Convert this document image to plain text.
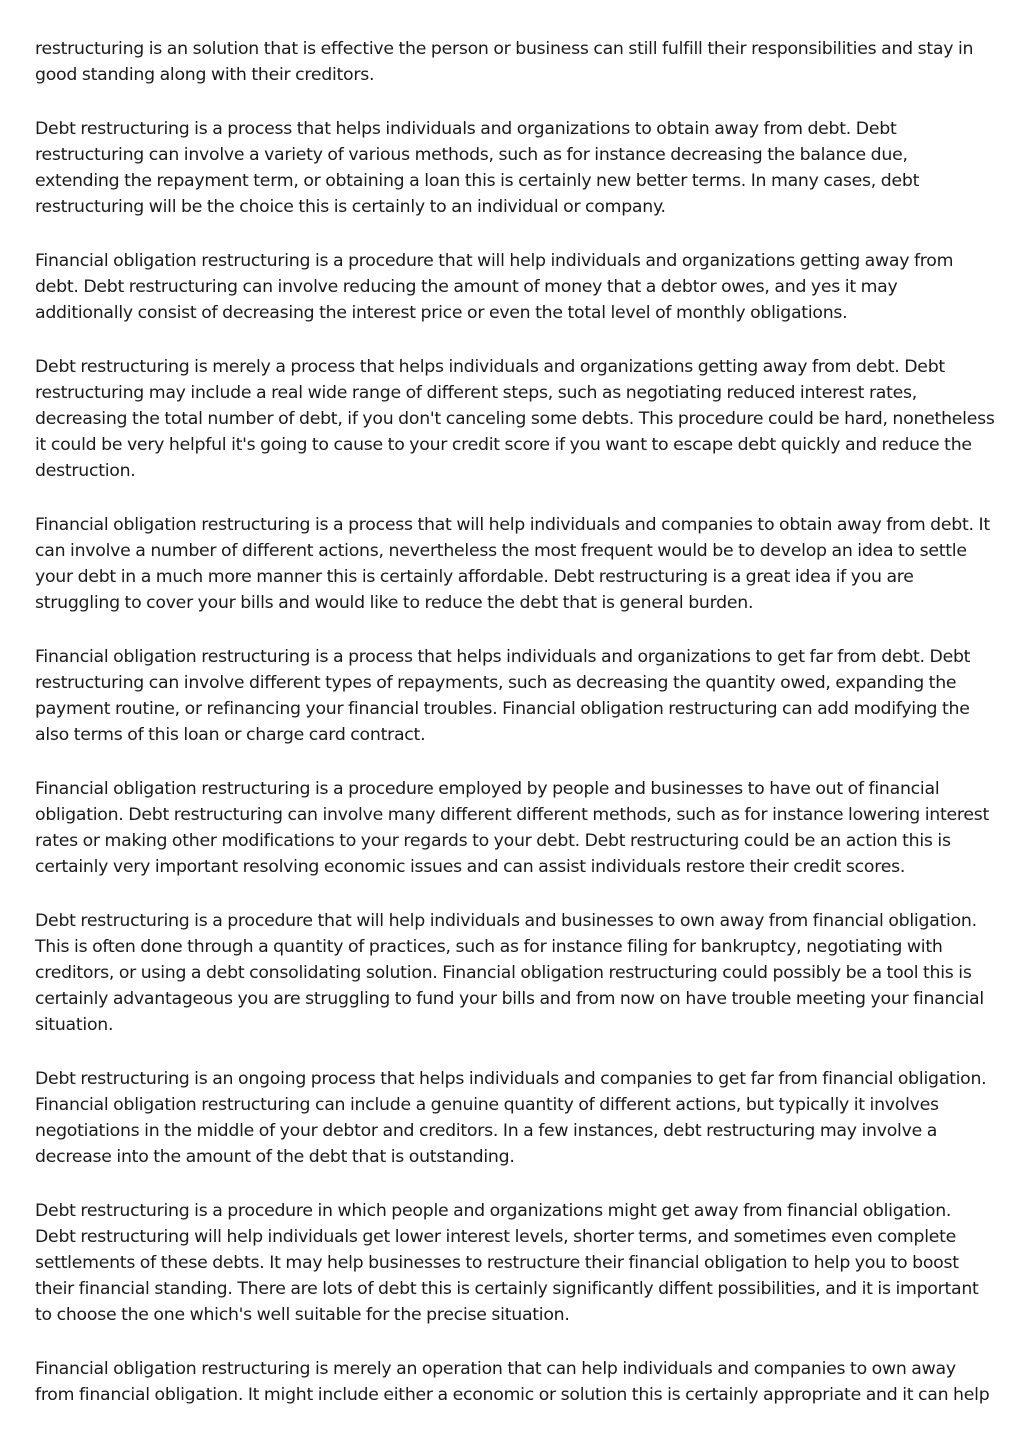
restructuring is an solution that is effective the person or business can still fulfill their responsibilities and stay in good standing along with their creditors.

Debt restructuring is a process that helps individuals and organizations to obtain away from debt. Debt restructuring can involve a variety of various methods, such as for instance decreasing the balance due, extending the repayment term, or obtaining a loan this is certainly new better terms. In many cases, debt restructuring will be the choice this is certainly to an individual or company.

Financial obligation restructuring is a procedure that will help individuals and organizations getting away from debt. Debt restructuring can involve reducing the amount of money that a debtor owes, and yes it may additionally consist of decreasing the interest price or even the total level of monthly obligations.

Debt restructuring is merely a process that helps individuals and organizations getting away from debt. Debt restructuring may include a real wide range of different steps, such as negotiating reduced interest rates, decreasing the total number of debt, if you don't canceling some debts. This procedure could be hard, nonetheless it could be very helpful it's going to cause to your credit score if you want to escape debt quickly and reduce the destruction.

Financial obligation restructuring is a process that will help individuals and companies to obtain away from debt. It can involve a number of different actions, nevertheless the most frequent would be to develop an idea to settle your debt in a much more manner this is certainly affordable. Debt restructuring is a great idea if you are struggling to cover your bills and would like to reduce the debt that is general burden.

Financial obligation restructuring is a process that helps individuals and organizations to get far from debt. Debt restructuring can involve different types of repayments, such as decreasing the quantity owed, expanding the payment routine, or refinancing your financial troubles. Financial obligation restructuring can add modifying the also terms of this loan or charge card contract.

Financial obligation restructuring is a procedure employed by people and businesses to have out of financial obligation. Debt restructuring can involve many different different methods, such as for instance lowering interest rates or making other modifications to your regards to your debt. Debt restructuring could be an action this is certainly very important resolving economic issues and can assist individuals restore their credit scores.

Debt restructuring is a procedure that will help individuals and businesses to own away from financial obligation. This is often done through a quantity of practices, such as for instance filing for bankruptcy, negotiating with creditors, or using a debt consolidating solution. Financial obligation restructuring could possibly be a tool this is certainly advantageous you are struggling to fund your bills and from now on have trouble meeting your financial situation.

Debt restructuring is an ongoing process that helps individuals and companies to get far from financial obligation. Financial obligation restructuring can include a genuine quantity of different actions, but typically it involves negotiations in the middle of your debtor and creditors. In a few instances, debt restructuring may involve a decrease into the amount of the debt that is outstanding.

Debt restructuring is a procedure in which people and organizations might get away from financial obligation. Debt restructuring will help individuals get lower interest levels, shorter terms, and sometimes even complete settlements of these debts. It may help businesses to restructure their financial obligation to help you to boost their financial standing. There are lots of debt this is certainly significantly diffent possibilities, and it is important to choose the one which's well suitable for the precise situation.

Financial obligation restructuring is merely an operation that can help individuals and companies to own away from financial obligation. It might include either a economic or solution this is certainly appropriate and it can help
